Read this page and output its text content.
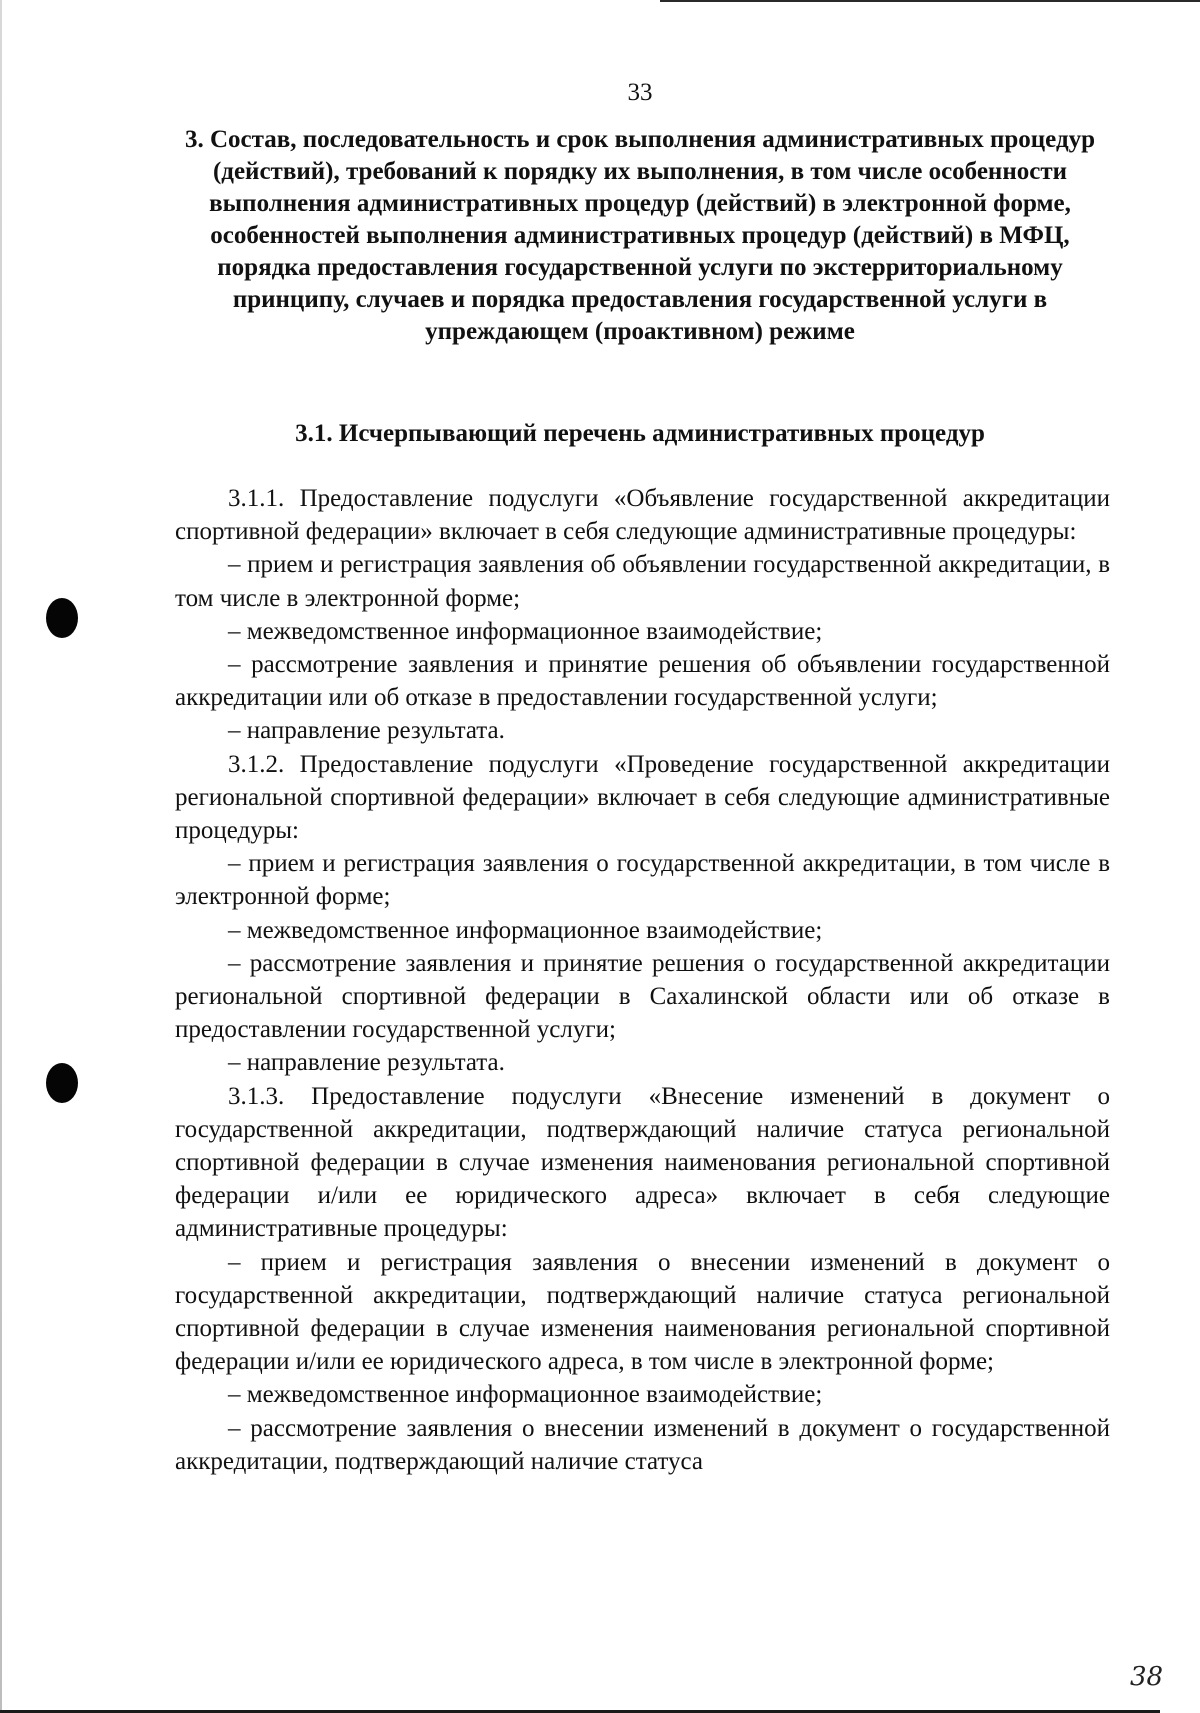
33
3. Состав, последовательность и срок выполнения административных процедур (действий), требований к порядку их выполнения, в том числе особенности выполнения административных процедур (действий) в электронной форме, особенностей выполнения административных процедур (действий) в МФЦ, порядка предоставления государственной услуги по экстерриториальному принципу, случаев и порядка предоставления государственной услуги в упреждающем (проактивном) режиме
3.1. Исчерпывающий перечень административных процедур

3.1.1. Предоставление подуслуги «Объявление государственной аккредитации спортивной федерации» включает в себя следующие административные процедуры:

– прием и регистрация заявления об объявлении государственной аккредитации, в том числе в электронной форме;

– межведомственное информационное взаимодействие;

– рассмотрение заявления и принятие решения об объявлении государственной аккредитации или об отказе в предоставлении государственной услуги;

– направление результата.

3.1.2. Предоставление подуслуги «Проведение государственной аккредитации региональной спортивной федерации» включает в себя следующие административные процедуры:

– прием и регистрация заявления о государственной аккредитации, в том числе в электронной форме;

– межведомственное информационное взаимодействие;

– рассмотрение заявления и принятие решения о государственной аккредитации региональной спортивной федерации в Сахалинской области или об отказе в предоставлении государственной услуги;

– направление результата.

3.1.3. Предоставление подуслуги «Внесение изменений в документ о государственной аккредитации, подтверждающий наличие статуса региональной спортивной федерации в случае изменения наименования региональной спортивной федерации и/или ее юридического адреса» включает в себя следующие административные процедуры:

– прием и регистрация заявления о внесении изменений в документ о государственной аккредитации, подтверждающий наличие статуса региональной спортивной федерации в случае изменения наименования региональной спортивной федерации и/или ее юридического адреса, в том числе в электронной форме;

– межведомственное информационное взаимодействие;

– рассмотрение заявления о внесении изменений в документ о государственной аккредитации, подтверждающий наличие статуса

38
